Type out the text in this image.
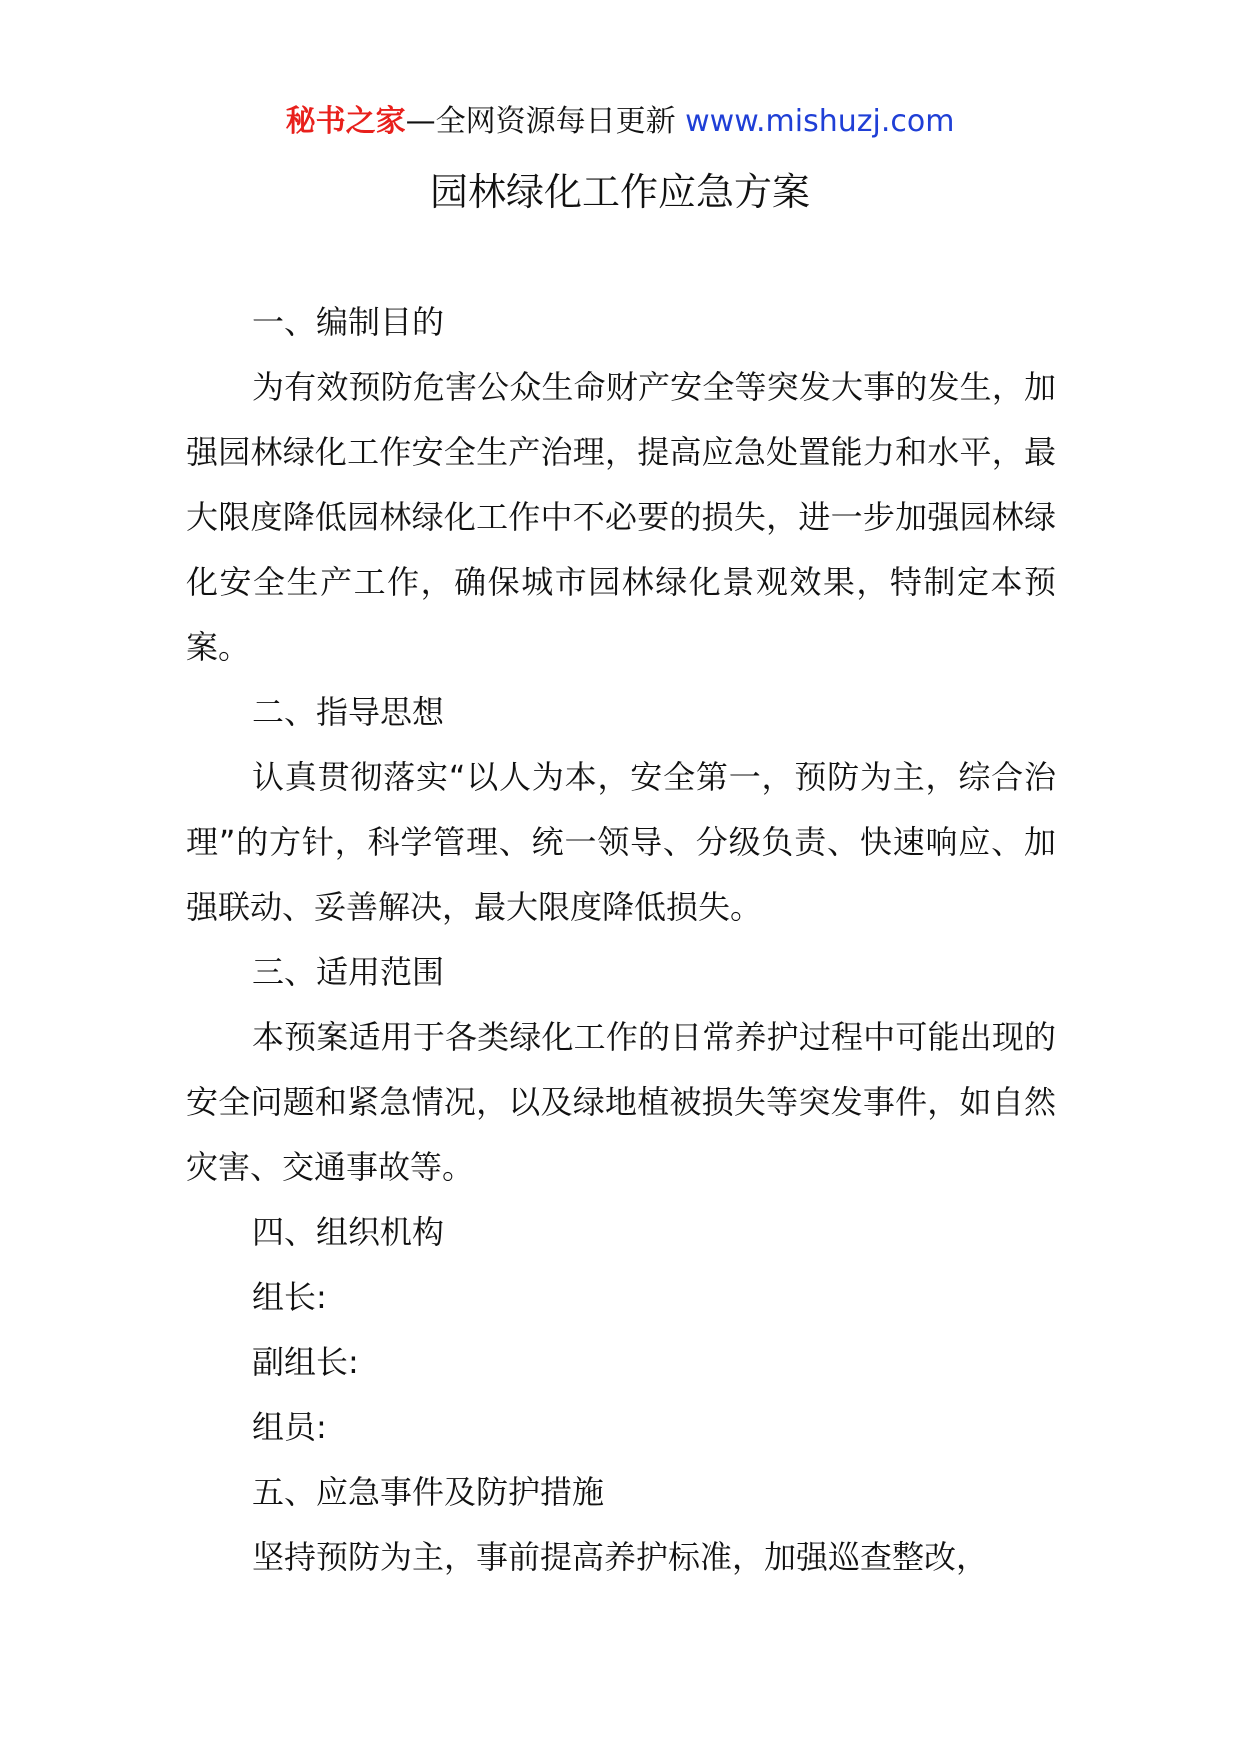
秘书之家—全网资源每日更新 www.mishuzj.com
园林绿化工作应急方案

一、编制目的

为有效预防危害公众生命财产安全等突发大事的发生，加强园林绿化工作安全生产治理，提高应急处置能力和水平，最大限度降低园林绿化工作中不必要的损失，进一步加强园林绿化安全生产工作，确保城市园林绿化景观效果，特制定本预案。

二、指导思想

认真贯彻落实“以人为本，安全第一，预防为主，综合治理”的方针，科学管理、统一领导、分级负责、快速响应、加强联动、妥善解决，最大限度降低损失。

三、适用范围

本预案适用于各类绿化工作的日常养护过程中可能出现的安全问题和紧急情况，以及绿地植被损失等突发事件，如自然灾害、交通事故等。

四、组织机构

组长:

副组长:

组员:

五、应急事件及防护措施

坚持预防为主，事前提高养护标准，加强巡查整改，
